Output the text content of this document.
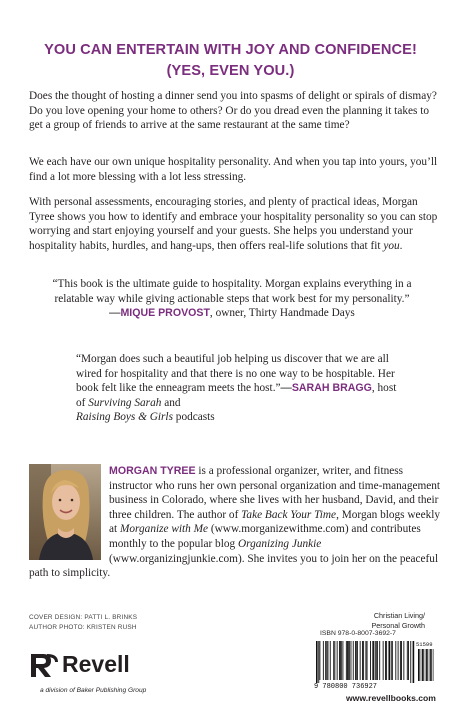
YOU CAN ENTERTAIN WITH JOY AND CONFIDENCE!
(YES, EVEN YOU.)

Does the thought of hosting a dinner send you into spasms of delight or spirals of dismay? Do you love opening your home to others? Or do you dread even the planning it takes to get a group of friends to arrive at the same restaurant at the same time?

We each have our own unique hospitality personality. And when you tap into yours, you’ll find a lot more blessing with a lot less stressing.

With personal assessments, encouraging stories, and plenty of practical ideas, Morgan Tyree shows you how to identify and embrace your hospitality personality so you can stop worrying and start enjoying yourself and your guests. She helps you understand your hospitality habits, hurdles, and hang-ups, then offers real-life solutions that fit you.

“This book is the ultimate guide to hospitality. Morgan explains everything in a relatable way while giving actionable steps that work best for my personality.”
—MIQUE PROVOST, owner, Thirty Handmade Days
“Morgan does such a beautiful job helping us discover that we are all wired for hospitality and that there is no one way to be hospitable. Her book felt like the enneagram meets the host.”—SARAH BRAGG, host of Surviving Sarah and
Raising Boys & Girls podcasts
MORGAN TYREE is a professional organizer, writer, and fitness instructor who runs her own personal organization and time-management business in Colorado, where she lives with her husband, David, and their three children. The author of Take Back Your Time, Morgan blogs weekly at Morganize with Me (www.morganizewithme.com) and contributes monthly to the popular blog Organizing Junkie (www.organizingjunkie.com). She invites you to join her on the peaceful path to simplicity.
COVER DESIGN: PATTI L. BRINKS
AUTHOR PHOTO: KRISTEN RUSH
Revell
a division of Baker Publishing Group
Christian Living/
Personal Growth
ISBN 978-0-8007-3692-7
9 780800 736927
51599
www.revellbooks.com
